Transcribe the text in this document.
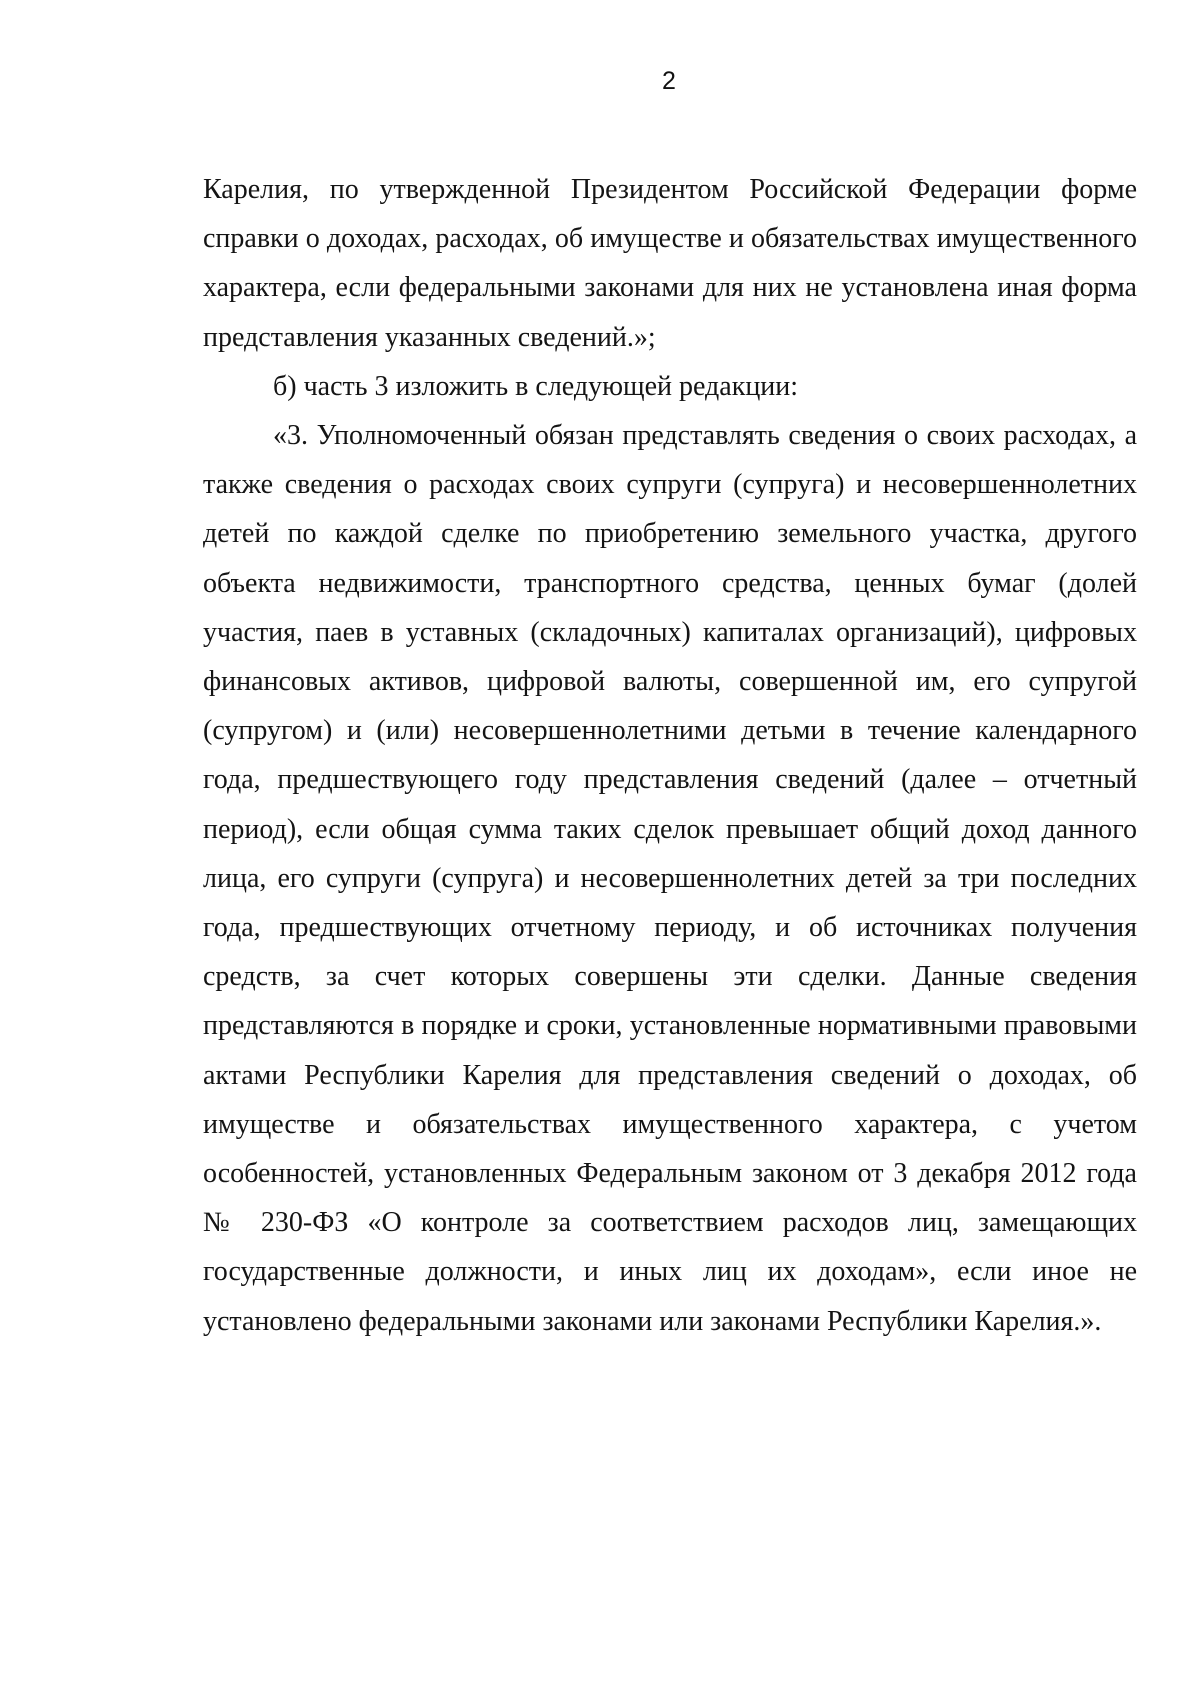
2

Карелия, по утвержденной Президентом Российской Федерации форме справки о доходах, расходах, об имуществе и обязательствах имущественного характера, если федеральными законами для них не установлена иная форма представления указанных сведений.»;

б) часть 3 изложить в следующей редакции:

«3. Уполномоченный обязан представлять сведения о своих расходах, а также сведения о расходах своих супруги (супруга) и несовершеннолетних детей по каждой сделке по приобретению земельного участка, другого объекта недвижимости, транспортного средства, ценных бумаг (долей участия, паев в уставных (складочных) капиталах организаций), цифровых финансовых активов, цифровой валюты, совершенной им, его супругой (супругом) и (или) несовершеннолетними детьми в течение календарного года, предшествующего году представления сведений (далее – отчетный период), если общая сумма таких сделок превышает общий доход данного лица, его супруги (супруга) и несовершеннолетних детей за три последних года, предшествующих отчетному периоду, и об источниках получения средств, за счет которых совершены эти сделки. Данные сведения представляются в порядке и сроки, установленные нормативными правовыми актами Республики Карелия для представления сведений о доходах, об имуществе и обязательствах имущественного характера, с учетом особенностей, установленных Федеральным законом от 3 декабря 2012 года № 230-ФЗ «О контроле за соответствием расходов лиц, замещающих государственные должности, и иных лиц их доходам», если иное не установлено федеральными законами или законами Республики Карелия.».
